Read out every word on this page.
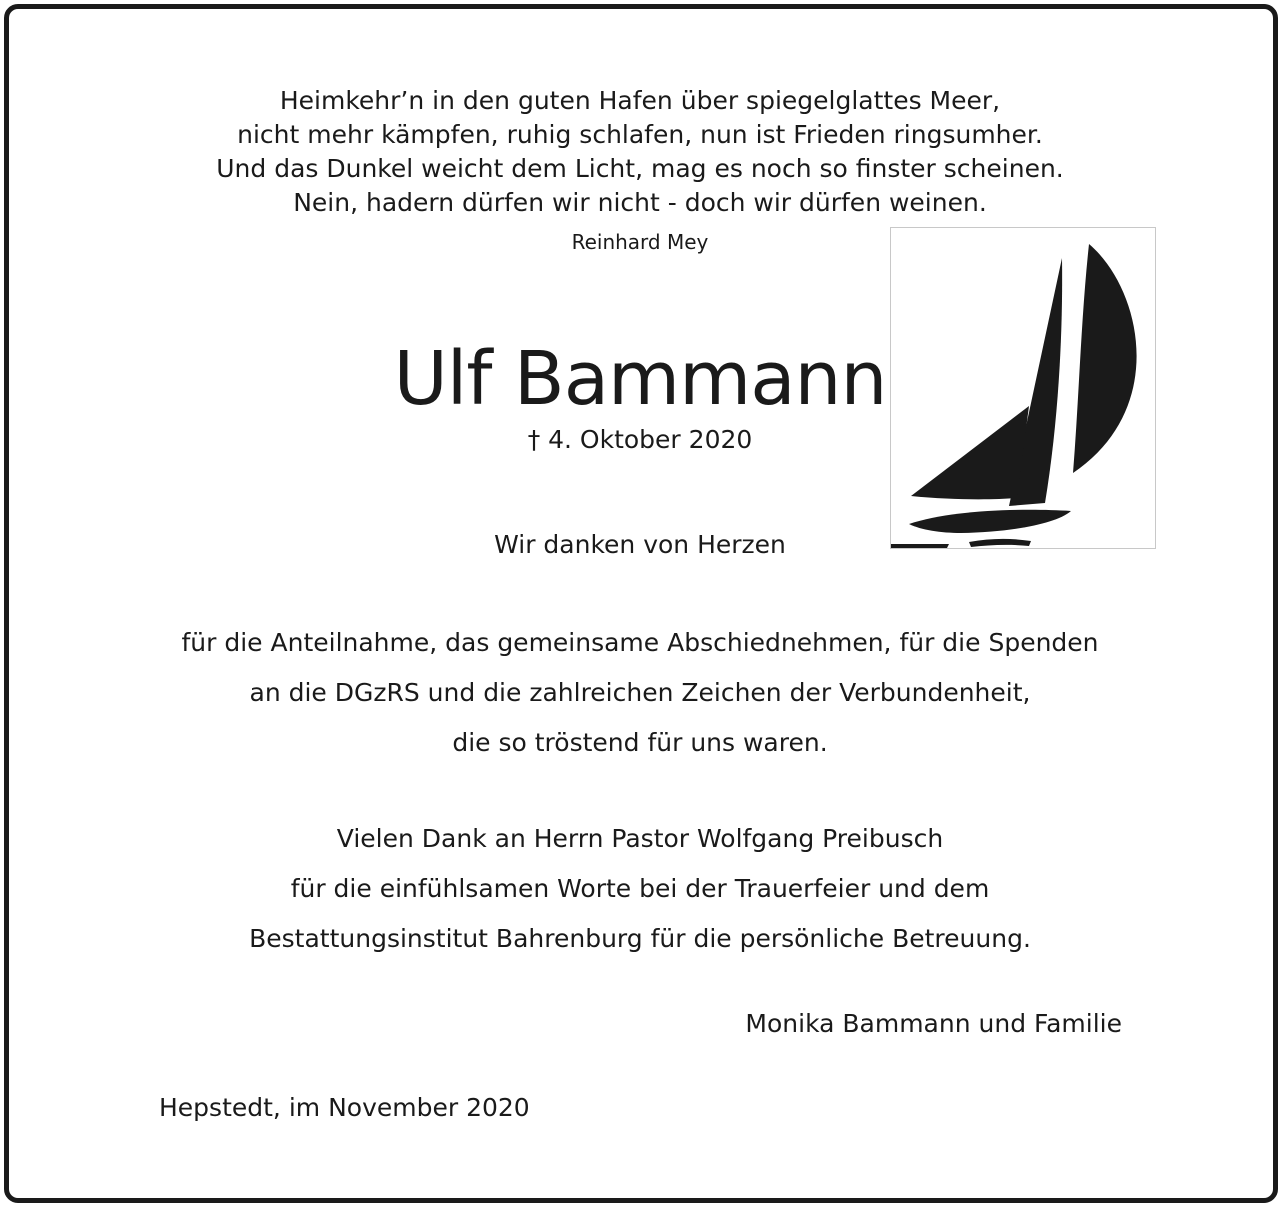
Heimkehr’n in den guten Hafen über spiegelglattes Meer,
nicht mehr kämpfen, ruhig schlafen, nun ist Frieden ringsumher.
Und das Dunkel weicht dem Licht, mag es noch so finster scheinen.
Nein, hadern dürfen wir nicht - doch wir dürfen weinen.
Reinhard Mey
Ulf Bammann
† 4. Oktober 2020
Wir danken von Herzen
für die Anteilnahme, das gemeinsame Abschiednehmen, für die Spenden
an die DGzRS und die zahlreichen Zeichen der Verbundenheit,
die so tröstend für uns waren.
Vielen Dank an Herrn Pastor Wolfgang Preibusch
für die einfühlsamen Worte bei der Trauerfeier und dem
Bestattungsinstitut Bahrenburg für die persönliche Betreuung.
Monika Bammann und Familie
Hepstedt, im November 2020
